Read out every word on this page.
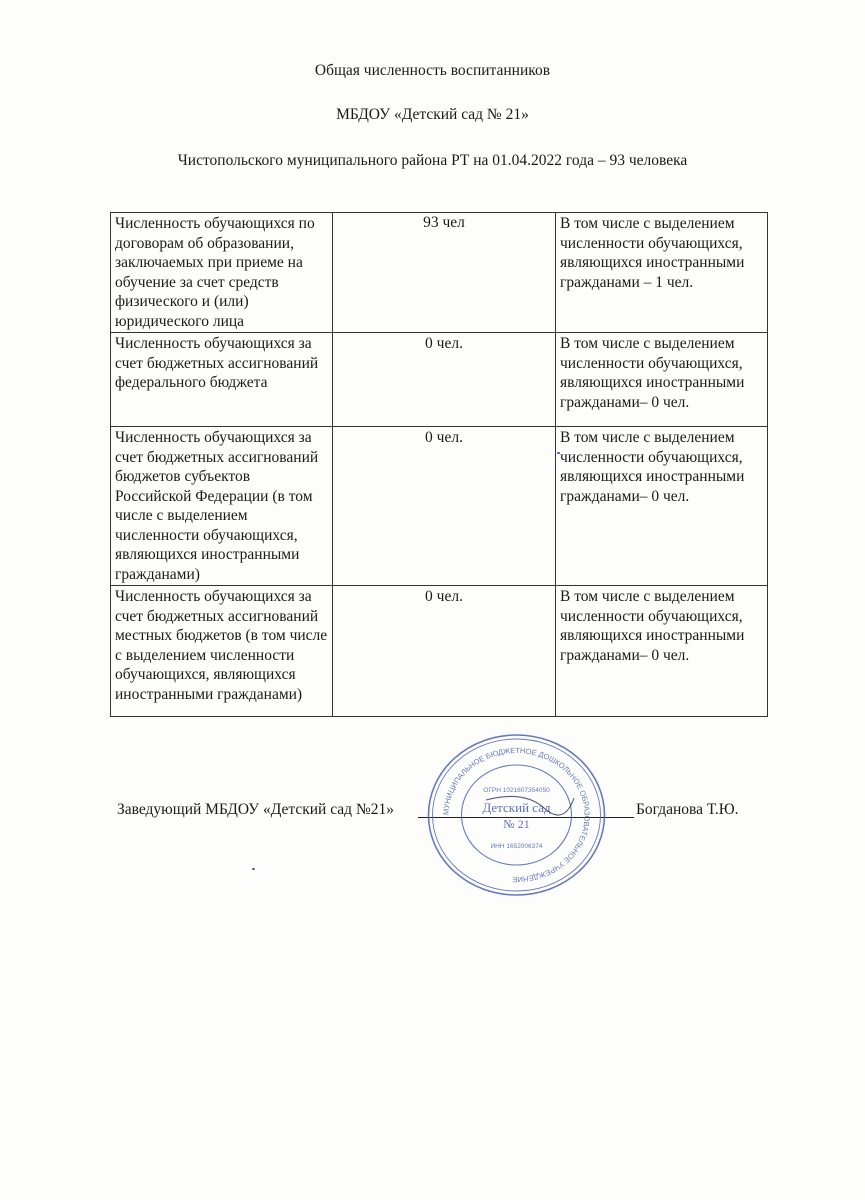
Общая численность воспитанников
МБДОУ «Детский сад № 21»
Чистопольского муниципального района РТ на 01.04.2022 года – 93 человека
Численность обучающихся по договорам об образовании, заключаемых при приеме на обучение за счет средств физического и (или) юридического лица	93 чел	В том числе с выделением численности обучающихся, являющихся иностранными гражданами – 1 чел.
Численность обучающихся за счет бюджетных ассигнований федерального бюджета	0 чел.	В том числе с выделением численности обучающихся, являющихся иностранными гражданами– 0 чел.
Численность обучающихся за счет бюджетных ассигнований бюджетов субъектов Российской Федерации (в том числе с выделением численности обучающихся, являющихся иностранными гражданами)	0 чел.	В том числе с выделением численности обучающихся, являющихся иностранными гражданами– 0 чел.
Численность обучающихся за счет бюджетных ассигнований местных бюджетов (в том числе с выделением численности обучающихся, являющихся иностранными гражданами)	0 чел.	В том числе с выделением численности обучающихся, являющихся иностранными гражданами– 0 чел.
Заведующий МБДОУ «Детский сад №21»	Богданова Т.Ю.
МУНИЦИПАЛЬНОЕ БЮДЖЕТНОЕ ДОШКОЛЬНОЕ ОБРАЗОВАТЕЛЬНОЕ УЧРЕЖДЕНИЕ
ОГРН 1021607354050
Детский сад
№ 21
ИНН 1652006374
